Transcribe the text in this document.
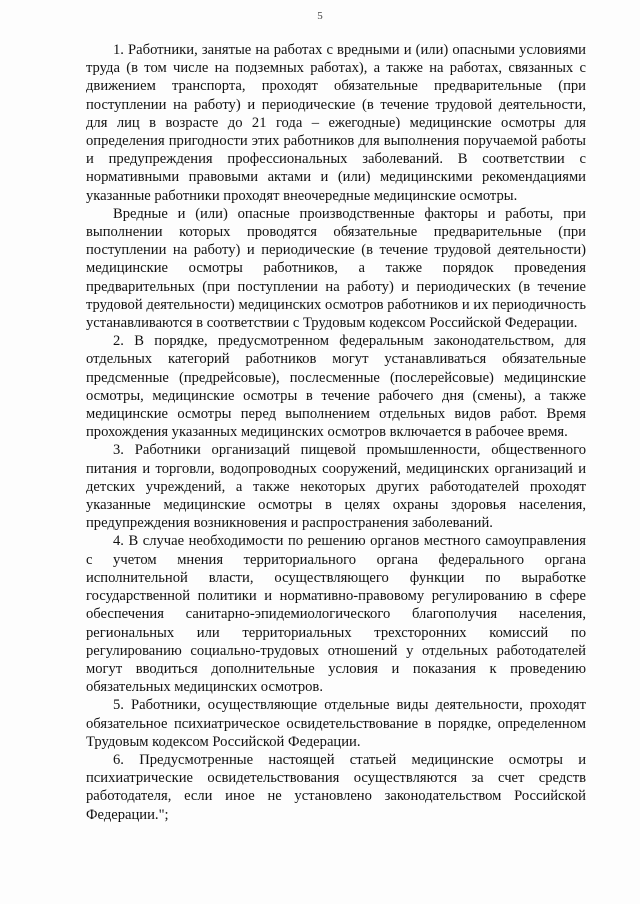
5

1. Работники, занятые на работах с вредными и (или) опасными условиями труда (в том числе на подземных работах), а также на работах, связанных с движением транспорта, проходят обязательные предварительные (при поступлении на работу) и периодические (в течение трудовой деятельности, для лиц в возрасте до 21 года – ежегодные) медицинские осмотры для определения пригодности этих работников для выполнения поручаемой работы и предупреждения профессиональных заболеваний. В соответствии с нормативными правовыми актами и (или) медицинскими рекомендациями указанные работники проходят внеочередные медицинские осмотры.

Вредные и (или) опасные производственные факторы и работы, при выполнении которых проводятся обязательные предварительные (при поступлении на работу) и периодические (в течение трудовой деятельности) медицинские осмотры работников, а также порядок проведения предварительных (при поступлении на работу) и периодических (в течение трудовой деятельности) медицинских осмотров работников и их периодичность устанавливаются в соответствии с Трудовым кодексом Российской Федерации.

2. В порядке, предусмотренном федеральным законодательством, для отдельных категорий работников могут устанавливаться обязательные предсменные (предрейсовые), послесменные (послерейсовые) медицинские осмотры, медицинские осмотры в течение рабочего дня (смены), а также медицинские осмотры перед выполнением отдельных видов работ. Время прохождения указанных медицинских осмотров включается в рабочее время.

3. Работники организаций пищевой промышленности, общественного питания и торговли, водопроводных сооружений, медицинских организаций и детских учреждений, а также некоторых других работодателей проходят указанные медицинские осмотры в целях охраны здоровья населения, предупреждения возникновения и распространения заболеваний.

4. В случае необходимости по решению органов местного самоуправления с учетом мнения территориального органа федерального органа исполнительной власти, осуществляющего функции по выработке государственной политики и нормативно-правовому регулированию в сфере обеспечения санитарно-эпидемиологического благополучия населения, региональных или территориальных трехсторонних комиссий по регулированию социально-трудовых отношений у отдельных работодателей могут вводиться дополнительные условия и показания к проведению обязательных медицинских осмотров.

5. Работники, осуществляющие отдельные виды деятельности, проходят обязательное психиатрическое освидетельствование в порядке, определенном Трудовым кодексом Российской Федерации.

6. Предусмотренные настоящей статьей медицинские осмотры и психиатрические освидетельствования осуществляются за счет средств работодателя, если иное не установлено законодательством Российской Федерации.";
